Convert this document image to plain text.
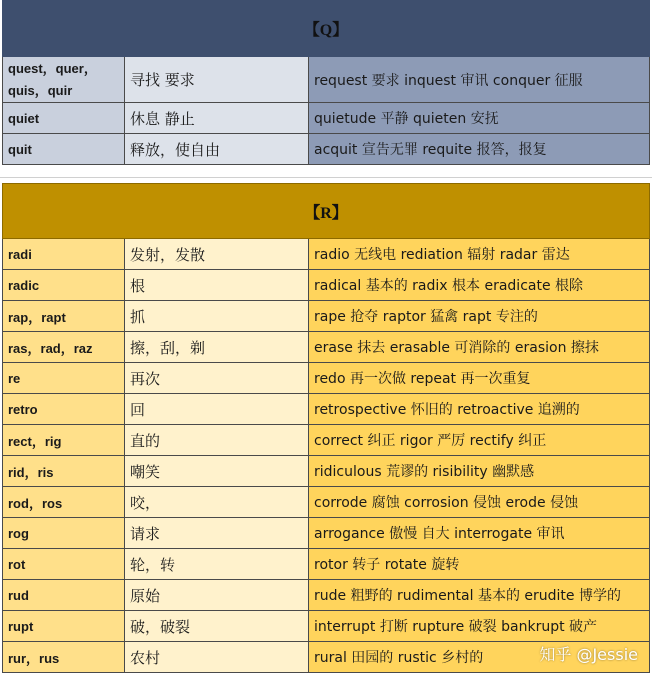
【Q】		
quest，quer，
quis，quir	寻找 要求	request 要求 inquest 审讯 conquer 征服
quiet	休息 静止	quietude 平静 quieten 安抚
quit	释放，使自由	acquit 宣告无罪 requite 报答，报复
【R】		
radi	发射，发散	radio 无线电 rediation 辐射 radar 雷达
radic	根	radical 基本的 radix 根本 eradicate 根除
rap，rapt	抓	rape 抢夺 raptor 猛禽 rapt 专注的
ras，rad，raz	擦，刮，剃	erase 抹去 erasable 可消除的 erasion 擦抹
re	再次	redo 再一次做 repeat 再一次重复
retro	回	retrospective 怀旧的 retroactive 追溯的
rect，rig	直的	correct 纠正 rigor 严厉 rectify 纠正
rid，ris	嘲笑	ridiculous 荒谬的 risibility 幽默感
rod，ros	咬，	corrode 腐蚀 corrosion 侵蚀 erode 侵蚀
rog	请求	arrogance 傲慢 自大 interrogate 审讯
rot	轮，转	rotor 转子 rotate 旋转
rud	原始	rude 粗野的 rudimental 基本的 erudite 博学的
rupt	破，破裂	interrupt 打断 rupture 破裂 bankrupt 破产
rur，rus	农村	rural 田园的 rustic 乡村的	知乎 @Jessie
